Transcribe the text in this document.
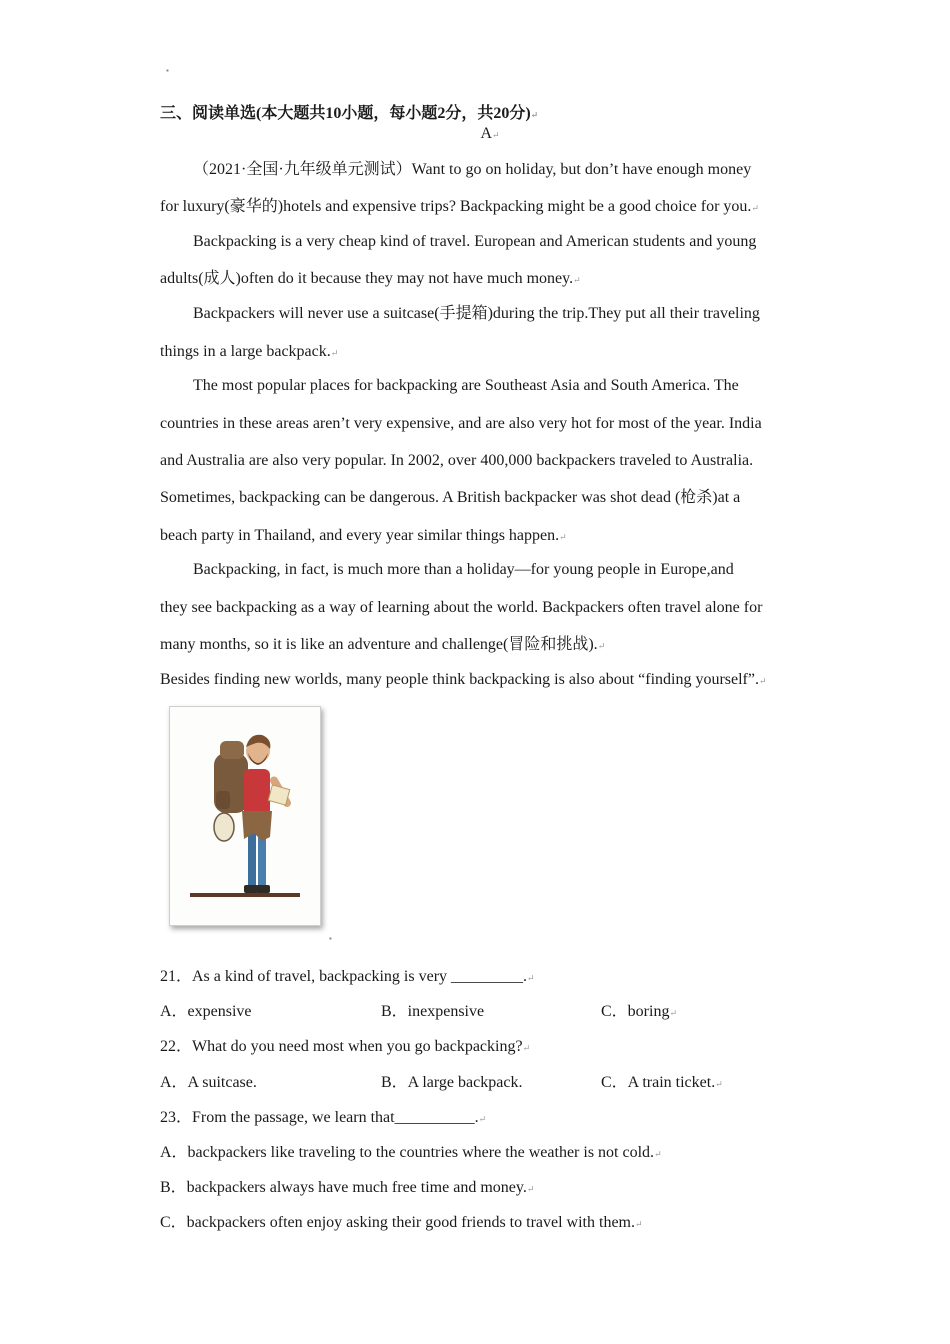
▪
三、阅读单选(本大题共10小题，每小题2分，共20分)↵
A↵
（2021·全国·九年级单元测试）Want to go on holiday, but don’t have enough money
for luxury(豪华的)hotels and expensive trips? Backpacking might be a good choice for you.↵
Backpacking is a very cheap kind of travel. European and American students and young
adults(成人)often do it because they may not have much money.↵
Backpackers will never use a suitcase(手提箱)during the trip.They put all their traveling
things in a large backpack.↵
The most popular places for backpacking are Southeast Asia and South America. The
countries in these areas aren’t very expensive, and are also very hot for most of the year. India
and Australia are also very popular. In 2002, over 400,000 backpackers traveled to Australia.
Sometimes, backpacking can be dangerous. A British backpacker was shot dead (枪杀)at a
beach party in Thailand, and every year similar things happen.↵
Backpacking, in fact, is much more than a holiday—for young people in Europe,and
they see backpacking as a way of learning about the world. Backpackers often travel alone for
many months, so it is like an adventure and challenge(冒险和挑战).↵
Besides finding new worlds, many people think backpacking is also about “finding yourself”.↵
▪
21．As a kind of travel, backpacking is very _________.↵
A．expensive	B．inexpensive	C．boring↵
22．What do you need most when you go backpacking?↵
A．A suitcase.	B．A large backpack.	C．A train ticket.↵
23．From the passage, we learn that__________.↵
A．backpackers like traveling to the countries where the weather is not cold.↵
B．backpackers always have much free time and money.↵
C．backpackers often enjoy asking their good friends to travel with them.↵
